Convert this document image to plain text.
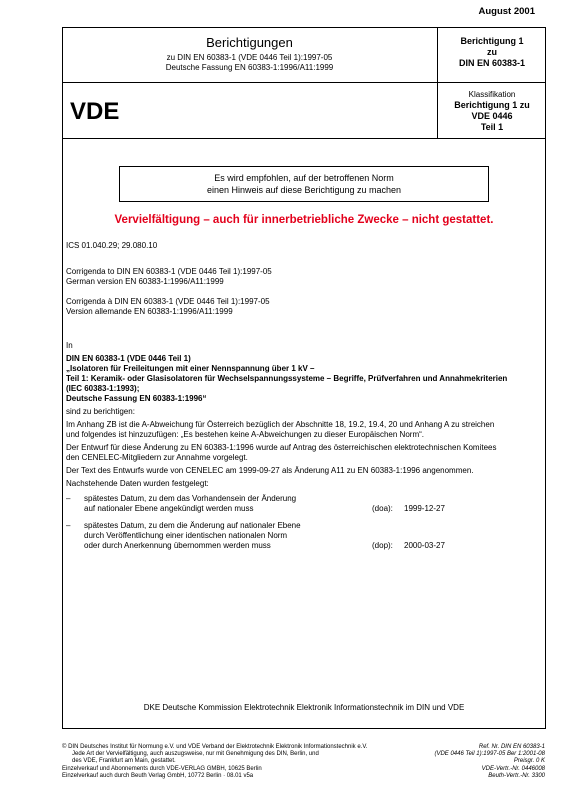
August 2001
Berichtigungen
zu DIN EN 60383-1 (VDE 0446 Teil 1):1997-05
Deutsche Fassung EN 60383-1:1996/A11:1999
Berichtigung 1
zu
DIN EN 60383-1
VDE
Klassifikation
Berichtigung 1 zu
VDE 0446
Teil 1
Es wird empfohlen, auf der betroffenen Norm
einen Hinweis auf diese Berichtigung zu machen
Vervielfältigung – auch für innerbetriebliche Zwecke – nicht gestattet.
ICS 01.040.29; 29.080.10
Corrigenda to DIN EN 60383-1 (VDE 0446 Teil 1):1997-05
German version EN 60383-1:1996/A11:1999
Corrigenda à DIN EN 60383-1 (VDE 0446 Teil 1):1997-05
Version allemande EN 60383-1:1996/A11:1999
In
DIN EN 60383-1 (VDE 0446 Teil 1)
„Isolatoren für Freileitungen mit einer Nennspannung über 1 kV –
Teil 1: Keramik- oder Glasisolatoren für Wechselspannungssysteme – Begriffe, Prüfverfahren und Annahmekriterien
(IEC 60383-1:1993);
Deutsche Fassung EN 60383-1:1996“
sind zu berichtigen:
Im Anhang ZB ist die A-Abweichung für Österreich bezüglich der Abschnitte 18, 19.2, 19.4, 20 und Anhang A zu streichen
und folgendes ist hinzuzufügen: „Es bestehen keine A-Abweichungen zu dieser Europäischen Norm“.
Der Entwurf für diese Änderung zu EN 60383-1:1996 wurde auf Antrag des österreichischen elektrotechnischen Komitees
den CENELEC-Mitgliedern zur Annahme vorgelegt.
Der Text des Entwurfs wurde von CENELEC am 1999-09-27 als Änderung A11 zu EN 60383-1:1996 angenommen.
Nachstehende Daten wurden festgelegt:
– spätestes Datum, zu dem das Vorhandensein der Änderung
auf nationaler Ebene angekündigt werden muss	(doa): 1999-12-27
– spätestes Datum, zu dem die Änderung auf nationaler Ebene
durch Veröffentlichung einer identischen nationalen Norm
oder durch Anerkennung übernommen werden muss	(dop): 2000-03-27
DKE Deutsche Kommission Elektrotechnik Elektronik Informationstechnik im DIN und VDE
© DIN Deutsches Institut für Normung e.V. und VDE Verband der Elektrotechnik Elektronik Informationstechnik e.V.
Jede Art der Vervielfältigung, auch auszugsweise, nur mit Genehmigung des DIN, Berlin, und
des VDE, Frankfurt am Main, gestattet.
Einzelverkauf und Abonnements durch VDE-VERLAG GMBH, 10625 Berlin
Einzelverkauf auch durch Beuth Verlag GmbH, 10772 Berlin · 08.01 v5a
Ref. Nr. DIN EN 60383-1
(VDE 0446 Teil 1):1997-05 Ber 1:2001-08
Preisgr. 0 K
VDE-Vertr.-Nr. 0446008
Beuth-Vertr.-Nr. 3300
